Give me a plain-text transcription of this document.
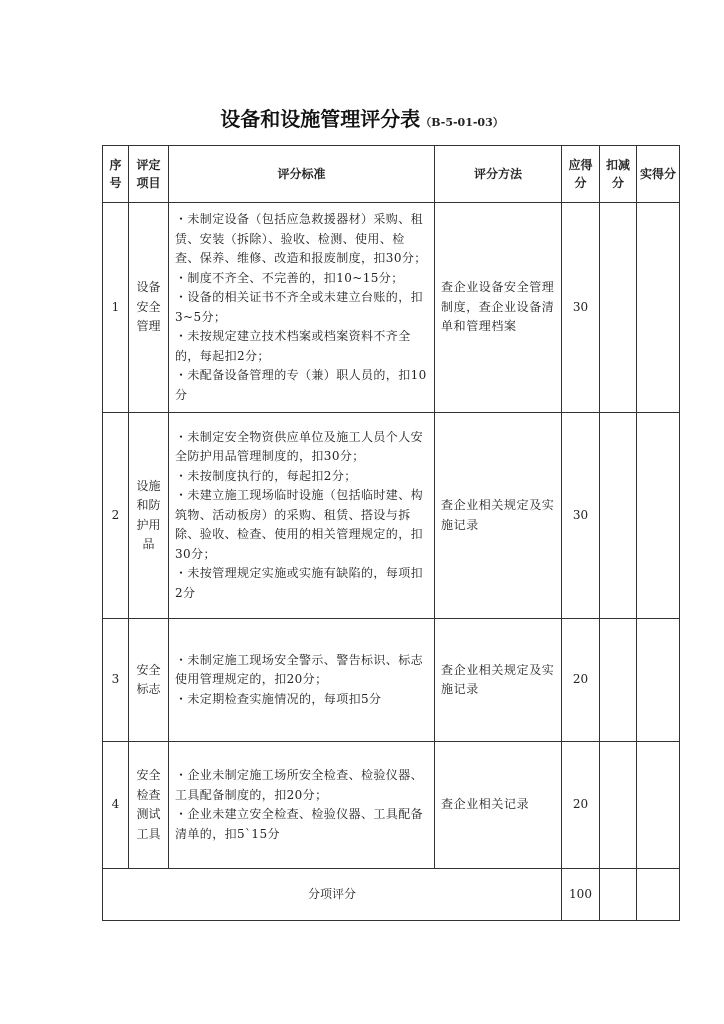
设备和设施管理评分表（B-5-01-03）
序号	评定项目	评分标准	评分方法	应得分	扣减分	实得分
1	设备安全管理	・未制定设备（包括应急救援器材）采购、租赁、安装（拆除）、验收、检测、使用、检查、保养、维修、改造和报废制度，扣30分；
・制度不齐全、不完善的，扣10~15分；
・设备的相关证书不齐全或未建立台账的，扣3~5分；
・未按规定建立技术档案或档案资料不齐全的，每起扣2分；
・未配备设备管理的专（兼）职人员的，扣10分	查企业设备安全管理制度，查企业设备清单和管理档案	30		
2	设施和防护用品	・未制定安全物资供应单位及施工人员个人安全防护用品管理制度的，扣30分；
・未按制度执行的，每起扣2分；
・未建立施工现场临时设施（包括临时建、构筑物、活动板房）的采购、租赁、搭设与拆除、验收、检查、使用的相关管理规定的，扣30分；
・未按管理规定实施或实施有缺陷的，每项扣2分	查企业相关规定及实施记录	30		
3	安全标志	・未制定施工现场安全警示、警告标识、标志使用管理规定的，扣20分；
・未定期检查实施情况的，每项扣5分	查企业相关规定及实施记录	20		
4	安全检查测试工具	・企业未制定施工场所安全检查、检验仪器、工具配备制度的，扣20分；
・企业未建立安全检查、检验仪器、工具配备清单的，扣5`15分	查企业相关记录	20		
分项评分				100		
